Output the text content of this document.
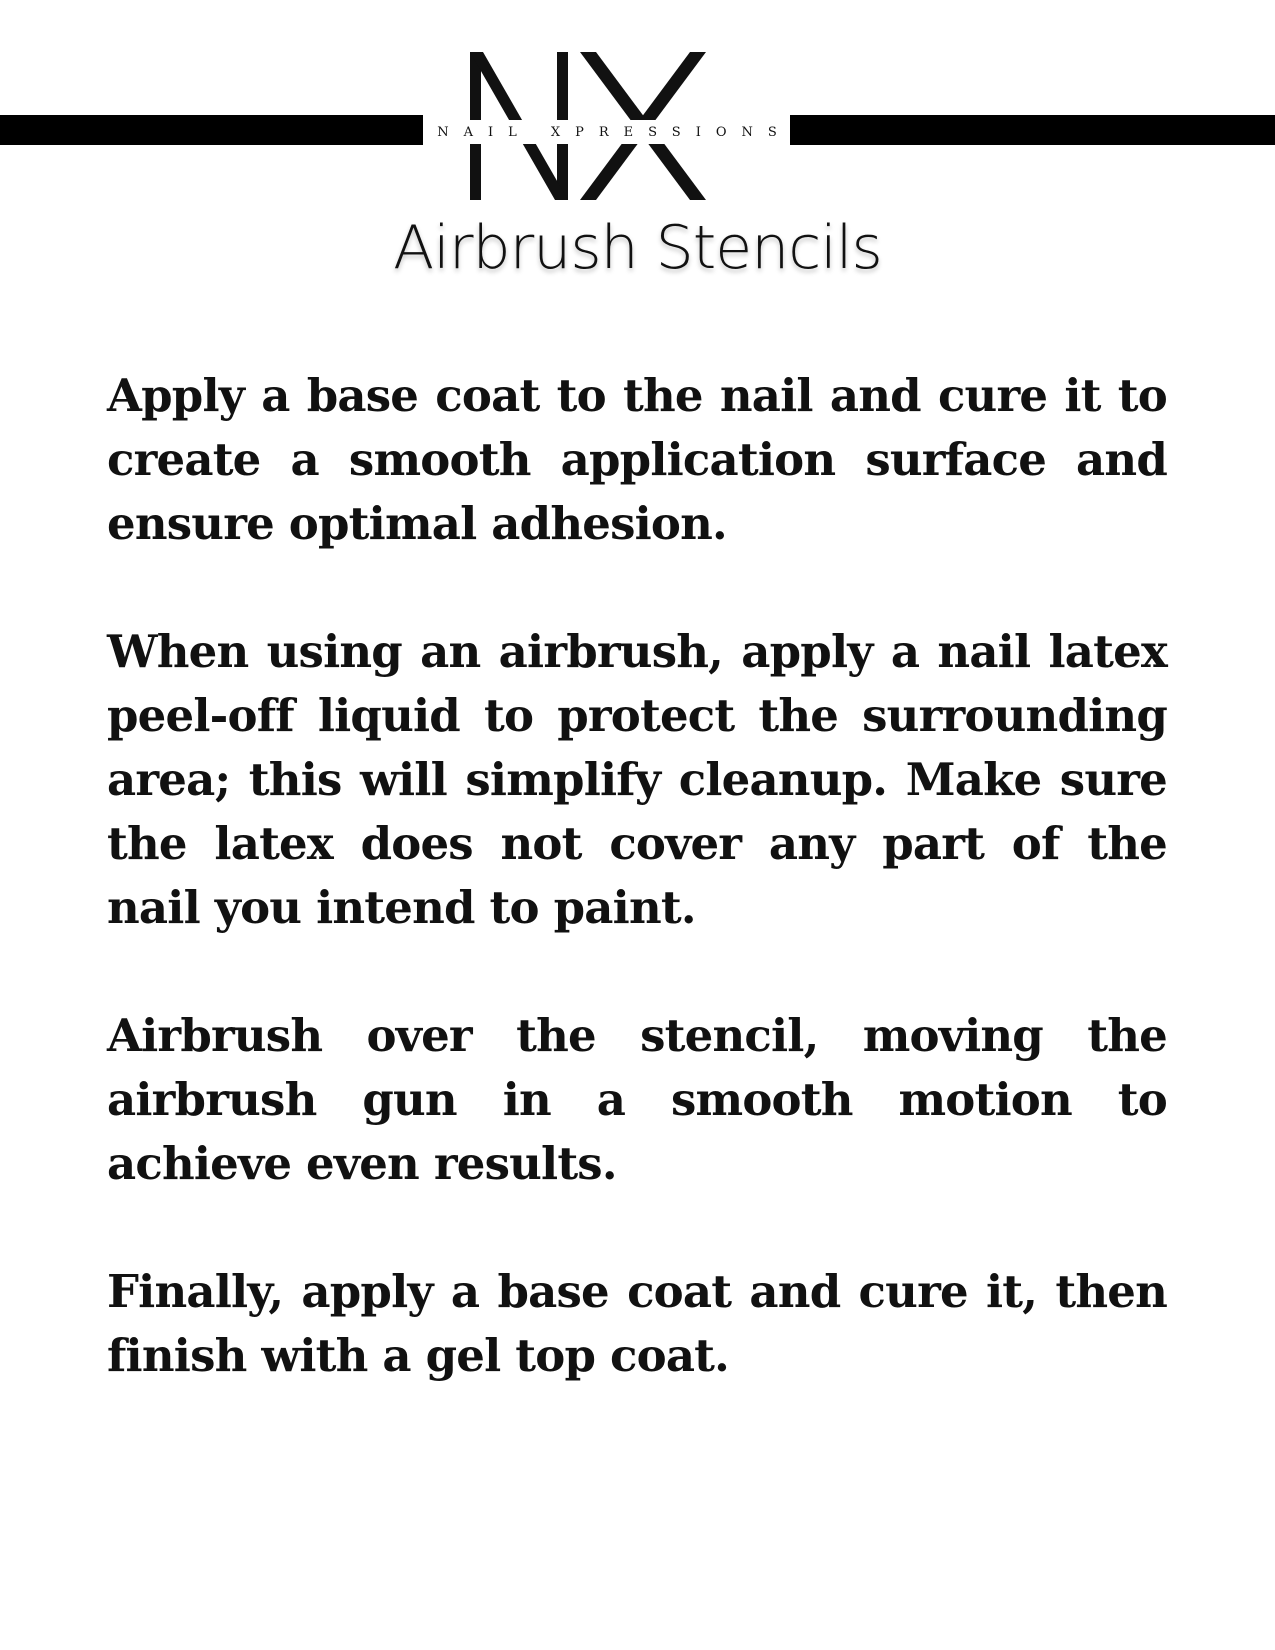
NAIL XPRESSIONS
Airbrush Stencils

Apply a base coat to the nail and cure it to create a smooth application surface and ensure optimal adhesion.

When using an airbrush, apply a nail latex peel-off liquid to protect the surrounding area; this will simplify cleanup. Make sure the latex does not cover any part of the nail you intend to paint.

Airbrush over the stencil, moving the airbrush gun in a smooth motion to achieve even results.

Finally, apply a base coat and cure it, then finish with a gel top coat.
